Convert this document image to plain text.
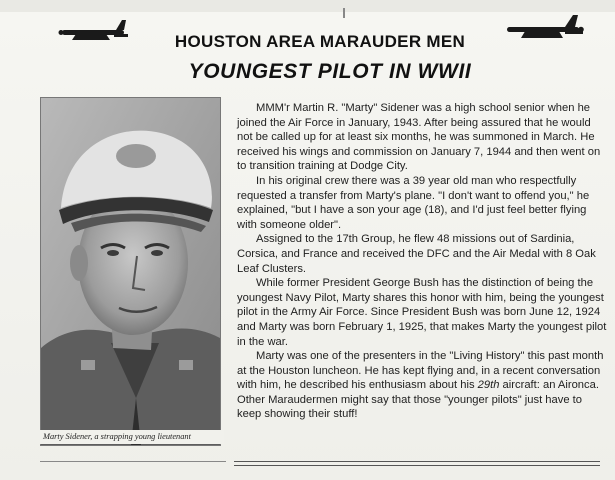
HOUSTON AREA MARAUDER MEN
YOUNGEST PILOT IN WWII
Marty Sidener, a strapping young lieutenant

MMM'r Martin R. "Marty" Sidener was a high school senior when he joined the Air Force in January, 1943. After being assured that he would not be called up for at least six months, he was summoned in March. He received his wings and commission on January 7, 1944 and then went on to transition training at Dodge City.

In his original crew there was a 39 year old man who respectfully requested a transfer from Marty's plane. "I don't want to offend you," he explained, "but I have a son your age (18), and I'd just feel better flying with someone older".

Assigned to the 17th Group, he flew 48 missions out of Sardinia, Corsica, and France and received the DFC and the Air Medal with 8 Oak Leaf Clusters.

While former President George Bush has the distinction of being the youngest Navy Pilot, Marty shares this honor with him, being the youngest pilot in the Army Air Force. Since President Bush was born June 12, 1924 and Marty was born February 1, 1925, that makes Marty the youngest pilot in the war.

Marty was one of the presenters in the "Living History" this past month at the Houston luncheon. He has kept flying and, in a recent conversation with him, he described his enthusiasm about his 29th aircraft: an Aironca. Other Maraudermen might say that those "younger pilots" just have to keep showing their stuff!
